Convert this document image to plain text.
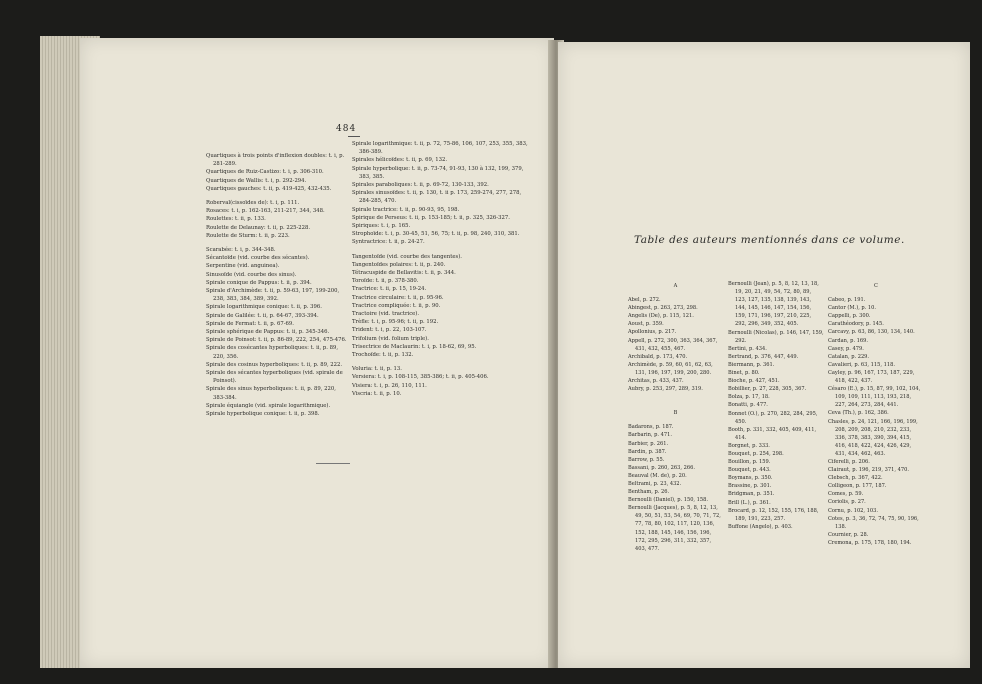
484

Quartiques à trois points d'inflexion doubles: t. i, p. 281-289.

Quartiques de Ruiz-Castizo: t. i, p. 306-310.

Quartiques de Wallis: t. i, p. 292-294.

Quartiques gauches: t. ii, p. 419-425, 432-435.

Roberval(cissoïdes de): t. i, p. 111.

Rosaces: t. i, p. 162-163, 211-217, 344, 348.

Roulettes: t. ii, p. 133.

Roulette de Delaunay: t. ii, p. 225-228.

Roulette de Sturm: t. ii, p. 223.

Scarabée: t. i, p. 344-348.

Sécantoïde (vid. courbe des sécantes).

Serpentine (vid. anguinea).

Sinusoïde (vid. courbe des sinus).

Spirale conique de Pappus: t. ii, p. 394.

Spirale d'Archimède: t. ii, p. 59-63, 197, 199-200, 238, 383, 384, 389, 392.

Spirale logarithmique conique: t. ii, p. 396.

Spirale de Galilée: t. ii, p. 64-67, 393-394.

Spirale de Fermat: t. ii, p. 67-69.

Spirale sphérique de Pappus: t. ii, p. 345-346.

Spirale de Poinsot: t. ii, p. 86-89, 222, 254, 475-476.

Spirale des cosécantes hyperboliques: t. ii, p. 89, 220, 356.

Spirale des cosinus hyperboliques: t. ii, p. 89, 222.

Spirale des sécantes hyperboliques (vid. spirale de Poinsot).

Spirale des sinus hyperboliques: t. ii, p. 89, 220, 383-384.

Spirale équiangle (vid. spirale logarithmique).

Spirale hyperbolique conique: t. ii, p. 398.

Spirale logarithmique: t. ii, p. 72, 75-86, 106, 107, 253, 355, 383, 386-389.

Spirales hélicoïdes: t. ii, p. 69, 132.

Spirale hyperbolique: t. ii, p. 73-74, 91-93, 130 à 132, 199, 379, 383, 385.

Spirales paraboliques: t. ii, p. 69-72, 130-133, 392.

Spirales sinusoïdes: t. ii, p. 130, t. ii p. 173, 259-274, 277, 278, 284-285, 470.

Spirale tractrice: t. ii, p. 90-93, 95, 198.

Spirique de Perseus: t. ii, p. 153-185; t. ii, p. 325, 326-327.

Spiriques: t. i, p. 165.

Strophoïde: t. i, p. 30-45, 51, 56, 75; t. ii, p. 98, 240, 310, 381.

Syntractrice: t. ii, p. 24-27.

Tangentoïde (vid. courbe des tangentes).

Tangentoïdes polaires: t. ii, p. 240.

Tétracuspide de Bellavitis: t. ii, p. 344.

Toroïde: t. ii, p. 378-380.

Tractrice: t. ii, p. 15, 19-24.

Tractrice circulaire: t. ii, p. 95-96.

Tractrice compliquée: t. ii, p. 90.

Tractoire (vid. tractrice).

Trèfle: t. i, p. 95-96; t. ii, p. 192.

Trident: t. i, p. 22, 103-107.

Trifolium (vid. folium triple).

Trisectrice de Maclaurin: t. i, p. 18-62, 69, 95.

Trochoïde: t. ii, p. 132.

Voluria: t. ii, p. 13.

Versiera: t. i, p. 108-115, 385-386; t. ii, p. 405-406.

Visiera: t. i, p. 26, 110, 111.

Viscria: t. ii, p. 10.

Table des auteurs mentionnés dans ce volume.

A

Abel, p. 272.

Abingest, p. 263, 273, 298.

Angelis (De), p. 115, 121.

Aoust, p. 359.

Apollonius, p. 217.

Appell, p. 272, 300, 363, 364, 367, 431, 432, 455, 467.

Archibald, p. 173, 470.

Archimède, p. 59, 60, 61, 62, 63, 131, 196, 197, 199, 200, 280.

Architas, p. 433, 437.

Aubry, p. 253, 297, 289, 319.

B

Badarons, p. 187.

Barbarin, p. 471.

Barbier, p. 261.

Bardin, p. 387.

Barrow, p. 55.

Bassani, p. 260, 263, 266.

Beauval (M. de), p. 20.

Beltrami, p. 23, 432.

Bentham, p. 26.

Bernoulli (Daniel), p. 150, 158.

Bernoulli (Jacques), p. 5, 8, 12, 13, 49, 50, 51, 53, 54, 69, 70, 71, 72, 77, 78, 80, 102, 117, 120, 136, 152, 188, 145, 146, 156, 196, 172, 295, 296, 311, 332, 357, 403, 477.

Bernoulli (Jean), p. 5, 8, 12, 13, 18, 19, 20, 21, 49, 54, 72, 80, 89, 123, 127, 135, 138, 139, 143, 144, 145, 146, 147, 154, 156, 159, 171, 196, 197, 210, 225, 292, 296, 349, 352, 405.

Bernoulli (Nicolas), p. 146, 147, 159, 292.

Bertini, p. 434.

Bertrand, p. 376, 447, 449.

Biermann, p. 361.

Binet, p. 80.

Bioche, p. 427, 451.

Bobillier, p. 27, 228, 305, 367.

Bolza, p. 17, 18.

Bonatti, p. 477.

Bonnet (O.), p. 270, 282, 284, 295, 450.

Booth, p. 331, 332, 405, 409, 411, 414.

Borgnet, p. 333.

Bouquet, p. 254, 298.

Bouillon, p. 159.

Bouquet, p. 443.

Boymans, p. 350.

Brassine, p. 301.

Bridgman, p. 351.

Brill (L.), p. 361.

Brocard, p. 12, 152, 155, 176, 188, 189, 191, 223, 257.

Buffone (Angelo), p. 403.

C

Cabeo, p. 191.

Cantor (M.), p. 10.

Cappelli, p. 300.

Carathéodory, p. 145.

Carcavy, p. 63, 86, 130, 134, 140.

Cardan, p. 169.

Casey, p. 479.

Catalan, p. 229.

Cavalieri, p. 63, 115, 118.

Cayley, p. 96, 167, 173, 187, 229, 418, 422, 437.

Césaro (E.), p. 15, 87, 99, 102, 104, 109, 109, 111, 113, 193, 218, 227, 264, 273, 284, 441.

Ceva (Th.), p. 162, 386.

Chasles, p. 24, 121, 166, 196, 199, 208, 209, 208, 210, 232, 233, 336, 378, 383, 390, 394, 415, 416, 418, 422, 424, 426, 429, 431, 434, 462, 463.

Ciferelli, p. 206.

Clairaut, p. 196, 219, 371, 470.

Clebsch, p. 367, 422.

Colligeon, p. 177, 187.

Comes, p. 59.

Coriolis, p. 27.

Cornu, p. 102, 103.

Cotes, p. 3, 36, 72, 74, 75, 90, 196, 138.

Cournier, p. 28.

Cremona, p. 175, 178, 180, 194.
